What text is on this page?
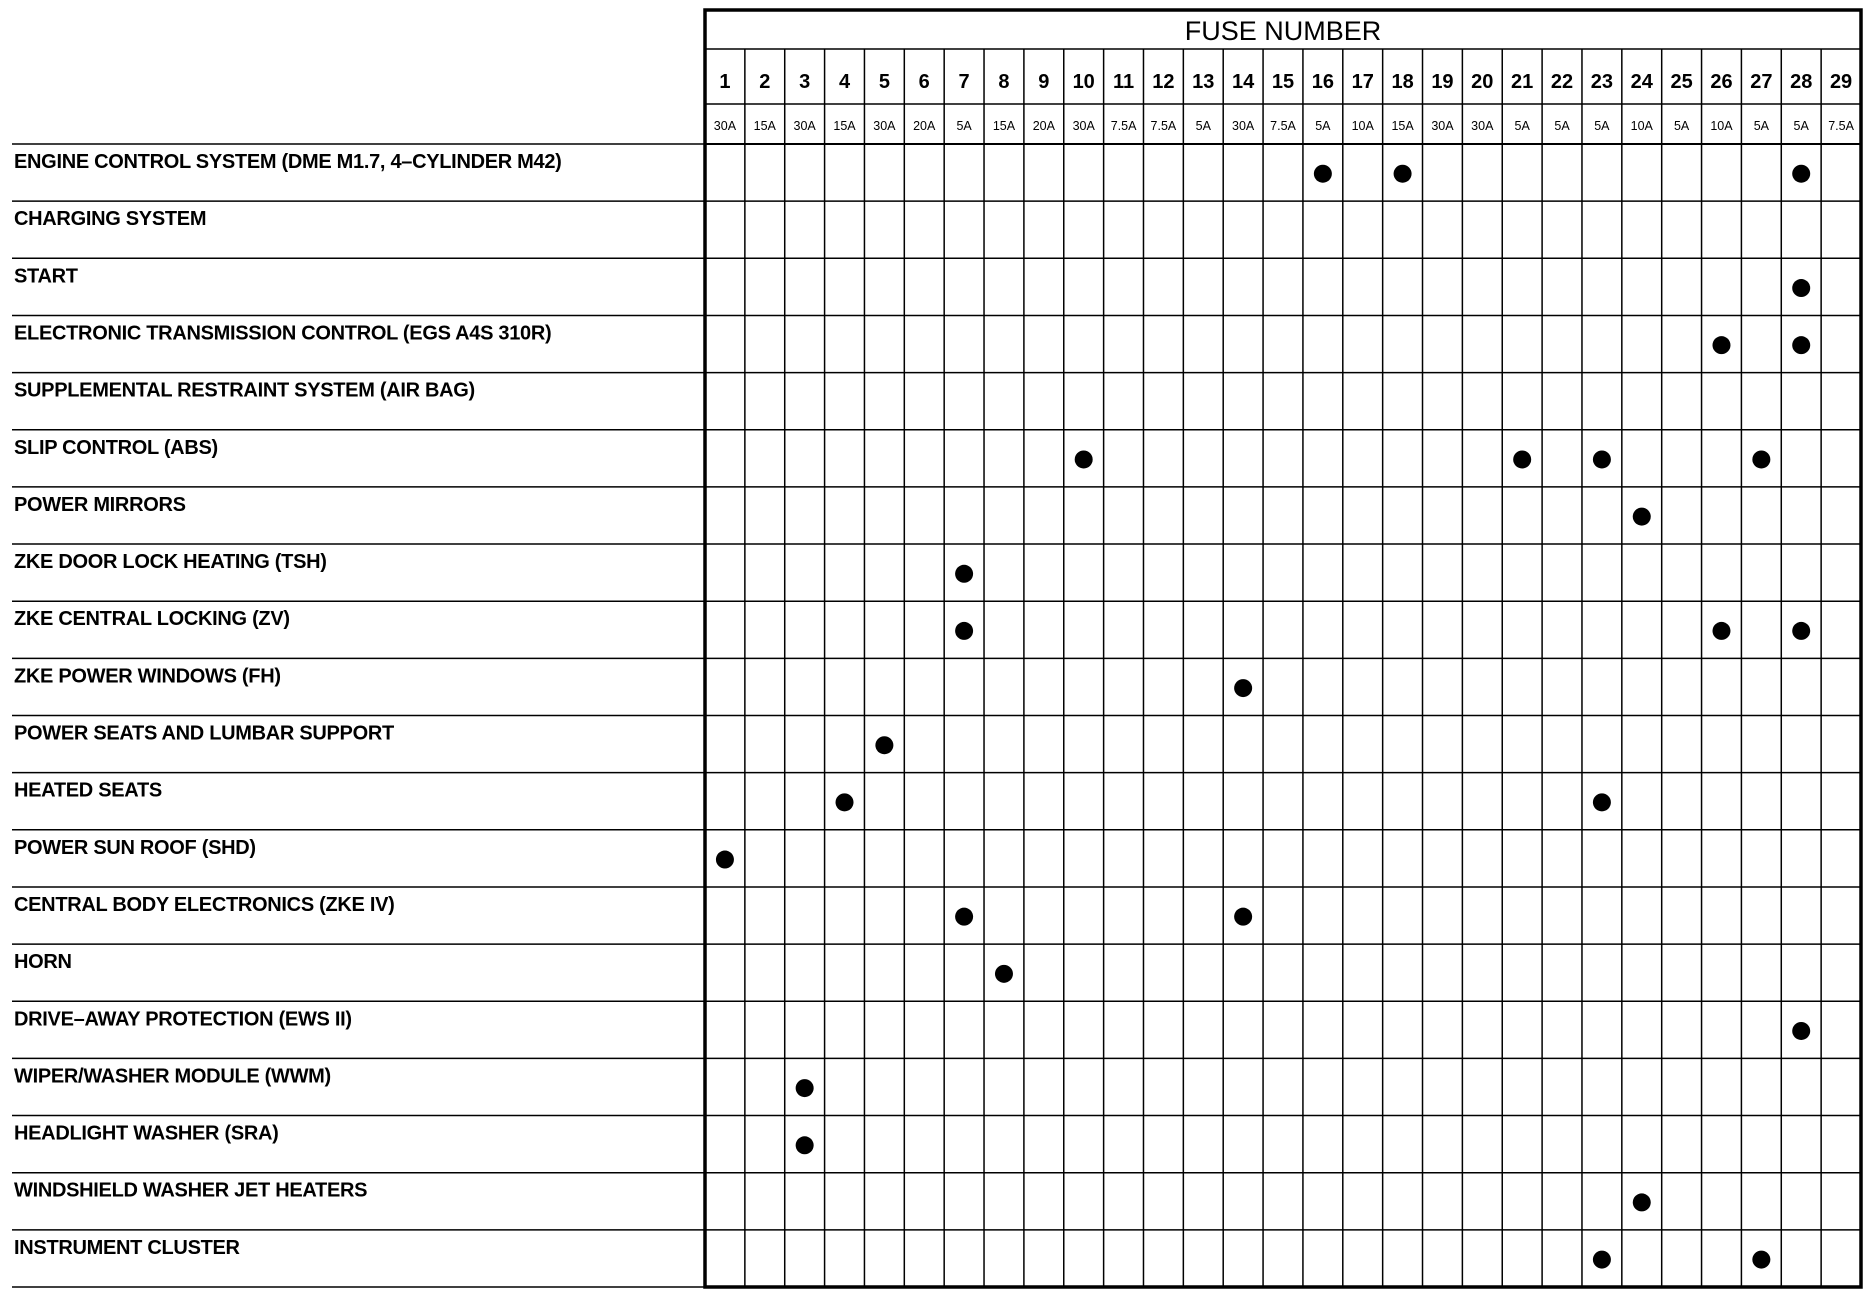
FUSE NUMBER
1 2 3 4 5 6 7 8 9 10 11 12 13 14 15 16 17 18 19 20 21 22 23 24 25 26 27 28 29
30A 15A 30A 15A 30A 20A 5A 15A 20A 30A 7.5A 7.5A 5A 30A 7.5A 5A 10A 15A 30A 30A 5A 5A 5A 10A 5A 10A 5A 5A 7.5A
ENGINE CONTROL SYSTEM (DME M1.7, 4–CYLINDER M42)
CHARGING SYSTEM
START
ELECTRONIC TRANSMISSION CONTROL (EGS A4S 310R)
SUPPLEMENTAL RESTRAINT SYSTEM (AIR BAG)
SLIP CONTROL (ABS)
POWER MIRRORS
ZKE DOOR LOCK HEATING (TSH)
ZKE CENTRAL LOCKING (ZV)
ZKE POWER WINDOWS (FH)
POWER SEATS AND LUMBAR SUPPORT
HEATED SEATS
POWER SUN ROOF (SHD)
CENTRAL BODY ELECTRONICS (ZKE IV)
HORN
DRIVE–AWAY PROTECTION (EWS II)
WIPER/WASHER MODULE (WWM)
HEADLIGHT WASHER (SRA)
WINDSHIELD WASHER JET HEATERS
INSTRUMENT CLUSTER
